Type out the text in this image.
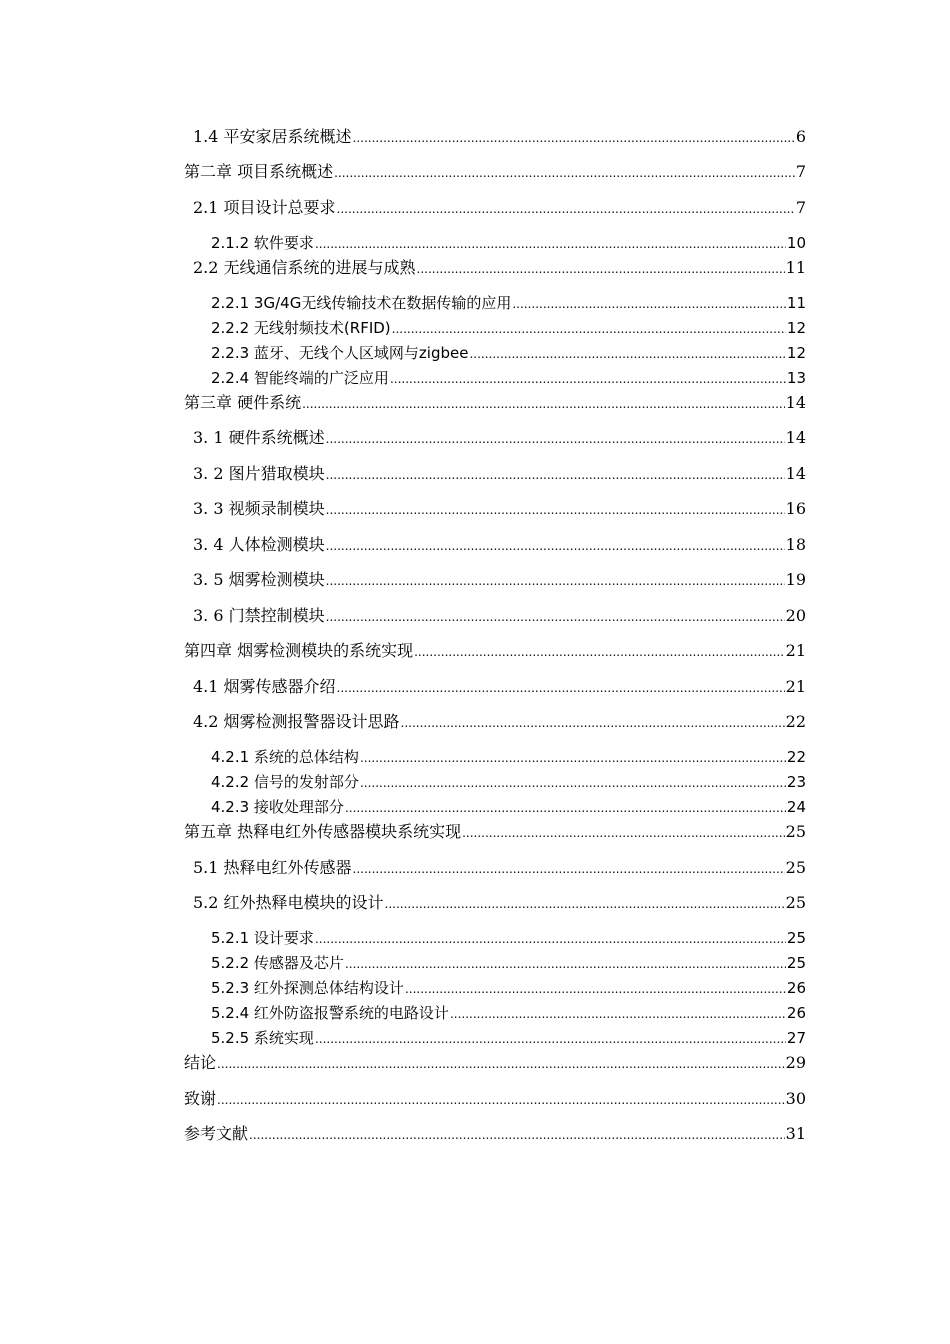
1.4 平安家居系统概述 .....	6
第二章 项目系统概述 .....	7
2.1 项目设计总要求 .....	7
2.1.2 软件要求 .....	10
2.2 无线通信系统的进展与成熟 .....	11
2.2.1 3G/4G无线传输技术在数据传输的应用 .....	11
2.2.2 无线射频技术(RFID) .....	12
2.2.3 蓝牙、无线个人区域网与zigbee .....	12
2.2.4 智能终端的广泛应用 .....	13
第三章 硬件系统 .....	14
3. 1 硬件系统概述 .....	14
3. 2 图片猎取模块 .....	14
3. 3 视频录制模块 .....	16
3. 4 人体检测模块 .....	18
3. 5 烟雾检测模块 .....	19
3. 6 门禁控制模块 .....	20
第四章 烟雾检测模块的系统实现 .....	21
4.1 烟雾传感器介绍 .....	21
4.2 烟雾检测报警器设计思路 .....	22
4.2.1 系统的总体结构 .....	22
4.2.2 信号的发射部分 .....	23
4.2.3 接收处理部分 .....	24
第五章 热释电红外传感器模块系统实现 .....	25
5.1 热释电红外传感器 .....	25
5.2 红外热释电模块的设计 .....	25
5.2.1 设计要求 .....	25
5.2.2 传感器及芯片 .....	25
5.2.3 红外探测总体结构设计 .....	26
5.2.4 红外防盗报警系统的电路设计 .....	26
5.2.5 系统实现 .....	27
结论 .....	29
致谢 .....	30
参考文献 .....	31
